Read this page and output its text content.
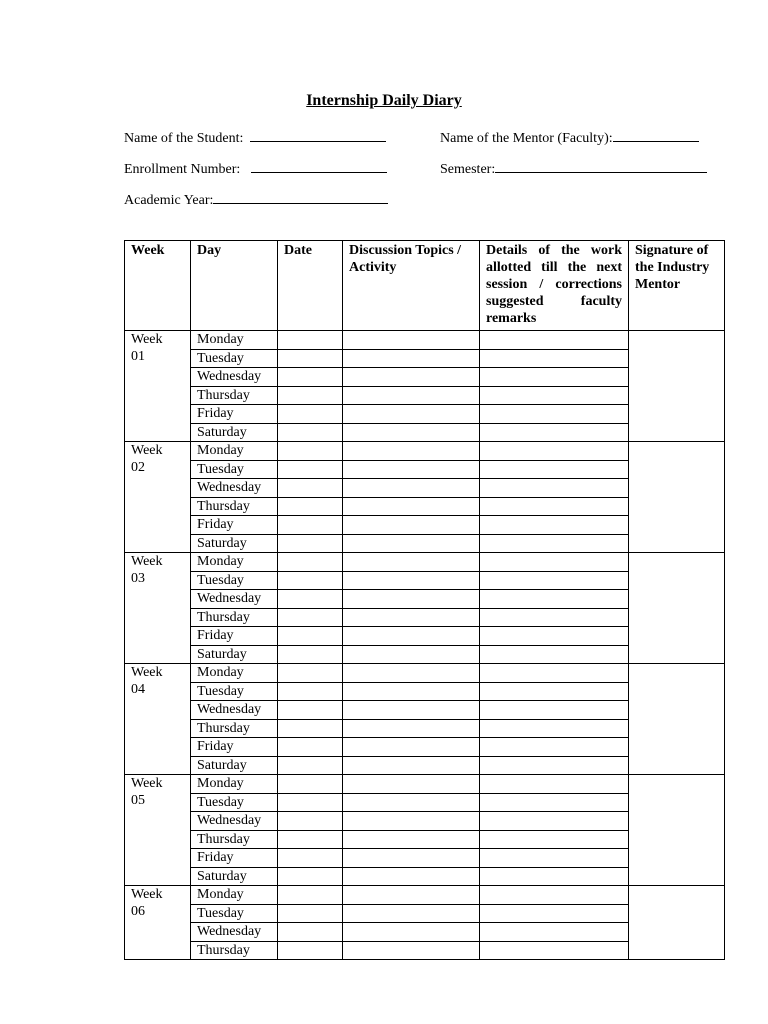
Internship Daily Diary
Name of the Student:	Name of the Mentor (Faculty):
Enrollment Number:	Semester:
Academic Year:
Week	Day	Date	Discussion Topics / Activity	Details of the work allotted till the next session / corrections suggested faculty remarks	Signature of the Industry Mentor
Week 01	Monday				
	Tuesday				
	Wednesday				
	Thursday				
	Friday				
	Saturday				
Week 02	Monday				
	Tuesday				
	Wednesday				
	Thursday				
	Friday				
	Saturday				
Week 03	Monday				
	Tuesday				
	Wednesday				
	Thursday				
	Friday				
	Saturday				
Week 04	Monday				
	Tuesday				
	Wednesday				
	Thursday				
	Friday				
	Saturday				
Week 05	Monday				
	Tuesday				
	Wednesday				
	Thursday				
	Friday				
	Saturday				
Week 06	Monday				
	Tuesday				
	Wednesday				
	Thursday				
